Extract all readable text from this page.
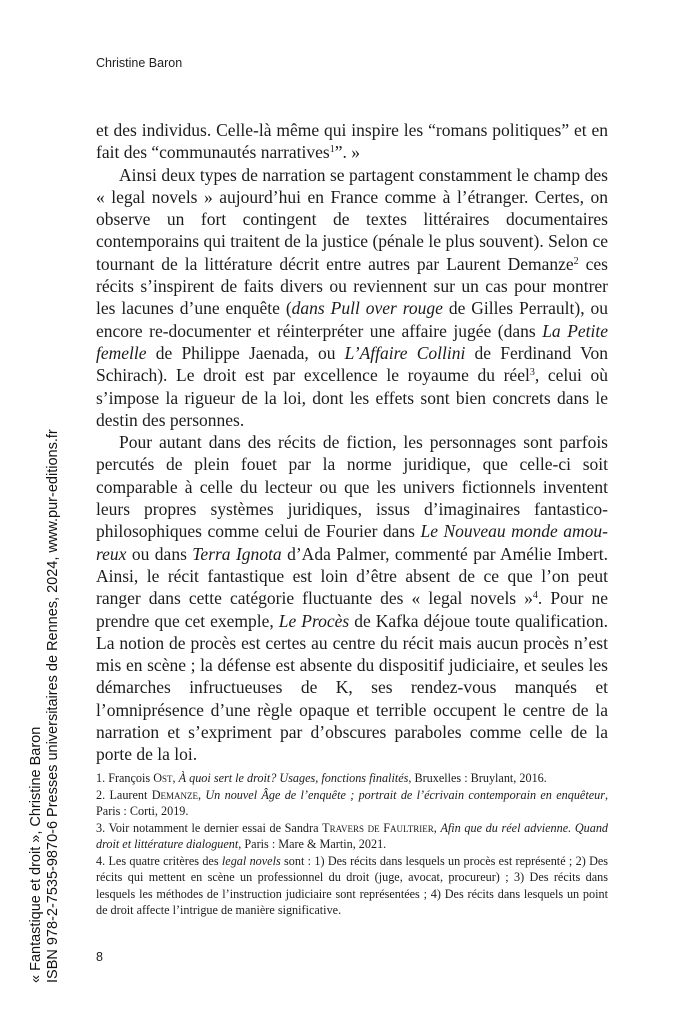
Christine Baron

et des individus. Celle-là même qui inspire les “romans politiques” et en fait des “communautés narratives$^1$”. »

Ainsi deux types de narration se partagent constamment le champ des « legal novels » aujourd’hui en France comme à l’étranger. Certes, on observe un fort contingent de textes littéraires documentaires contemporains qui traitent de la justice (pénale le plus souvent). Selon ce tournant de la littérature décrit entre autres par Laurent Demanze$^2$ ces récits s’inspirent de faits divers ou reviennent sur un cas pour montrer les lacunes d’une enquête (dans Pull over rouge de Gilles Perrault), ou encore re-documenter et réinterpréter une affaire jugée (dans La Petite femelle de Philippe Jaenada, ou L’Affaire Collini de Ferdinand Von Schirach). Le droit est par excellence le royaume du réel$^3$, celui où s’impose la rigueur de la loi, dont les effets sont bien concrets dans le destin des personnes.

Pour autant dans des récits de fiction, les personnages sont parfois percutés de plein fouet par la norme juridique, que celle-ci soit comparable à celle du lecteur ou que les univers fictionnels inventent leurs propres systèmes juridiques, issus d’imaginaires fantastico-philosophiques comme celui de Fourier dans Le Nouveau monde amoureux ou dans Terra Ignota d’Ada Palmer, commenté par Amélie Imbert. Ainsi, le récit fantastique est loin d’être absent de ce que l’on peut ranger dans cette catégorie fluctuante des « legal novels »$^4$. Pour ne prendre que cet exemple, Le Procès de Kafka déjoue toute qualification. La notion de procès est certes au centre du récit mais aucun procès n’est mis en scène ; la défense est absente du dispositif judiciaire, et seules les démarches infructueuses de K, ses rendez-vous manqués et l’omniprésence d’une règle opaque et terrible occupent le centre de la narration et s’expriment par d’obscures paraboles comme celle de la porte de la loi.

1. François Ost, À quoi sert le droit? Usages, fonctions finalités, Bruxelles : Bruylant, 2016.

2. Laurent Demanze, Un nouvel Âge de l’enquête ; portrait de l’écrivain contemporain en enquêteur, Paris : Corti, 2019.

3. Voir notamment le dernier essai de Sandra Travers de Faultrier, Afin que du réel advienne. Quand droit et littérature dialoguent, Paris : Mare & Martin, 2021.

4. Les quatre critères des legal novels sont : 1) Des récits dans lesquels un procès est représenté ; 2) Des récits qui mettent en scène un professionnel du droit (juge, avocat, procureur) ; 3) Des récits dans lesquels les méthodes de l’instruction judiciaire sont représentées ; 4) Des récits dans lesquels un point de droit affecte l’intrigue de manière significative.

8
« Fantastique et droit », Christine Baron ISBN 978-2-7535-9870-6 Presses universitaires de Rennes, 2024, www.pur-editions.fr
